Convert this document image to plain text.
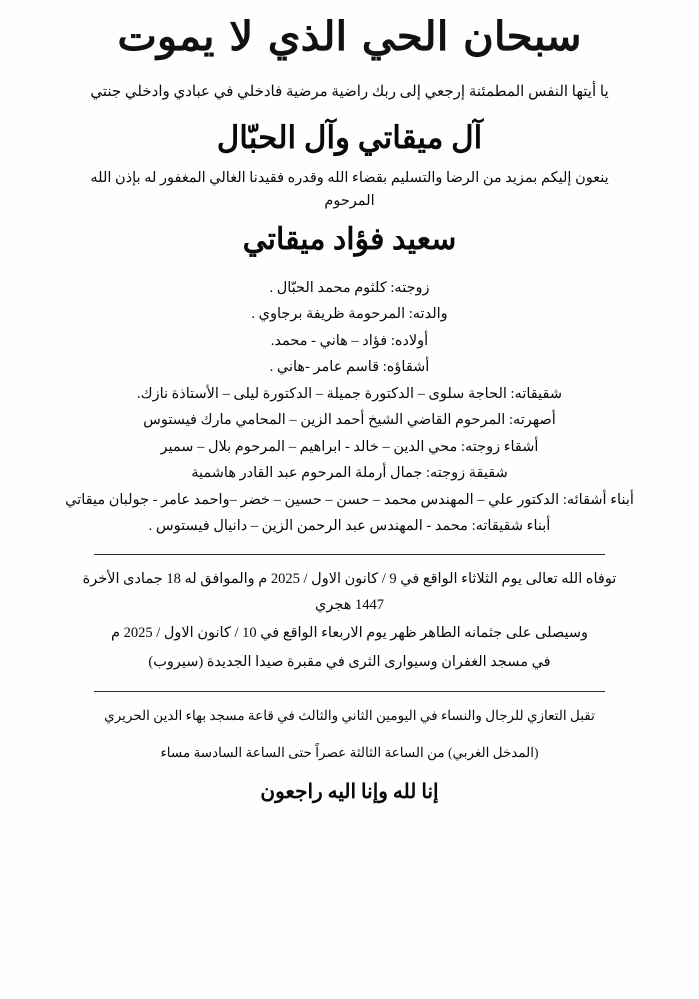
سبحان الحي الذي لا يموت
يا أيتها النفس المطمئنة إرجعي إلى ربك راضية مرضية فادخلي في عبادي وادخلي جنتي
آل ميقاتي وآل الحبّال
ينعون إليكم بمزيد من الرضا والتسليم بقضاء الله وقدره فقيدنا الغالي المغفور له بإذن الله
المرحوم
سعيد فؤاد ميقاتي
زوجته: كلثوم محمد الحبّال .
والدته: المرحومة ظريفة برجاوي .
أولاده: فؤاد – هاني - محمد.
أشقاؤه: قاسم عامر -هاني .
شقيقاته: الحاجة سلوى – الدكتورة جميلة – الدكتورة ليلى – الأستاذة نازك.
أصهرته: المرحوم القاضي الشيخ أحمد الزين – المحامي مارك فيستوس
أشقاء زوجته: محي الدين – خالد - ابراهيم – المرحوم بلال – سمير
شقيقة زوجته: جمال أرملة المرحوم عبد القادر هاشمية
أبناء أشقائه: الدكتور علي – المهندس محمد – حسن – حسين – خضر –واحمد عامر - جولبان ميقاتي
أبناء شقيقاته: محمد - المهندس عبد الرحمن الزين – دانيال فيستوس .

توفاه الله تعالى يوم الثلاثاء الواقع في 9 / كانون الاول / 2025 م والموافق له 18 جمادى الأخرة 1447 هجري

وسيصلى على جثمانه الطاهر ظهر يوم الاربعاء الواقع في 10 / كانون الاول / 2025 م

في مسجد الغفران وسيوارى الثرى في مقبرة صيدا الجديدة (سيروب)

تقبل التعازي للرجال والنساء في اليومين الثاني والثالث في قاعة مسجد بهاء الدين الحريري

(المدخل الغربي) من الساعة الثالثة عصراً حتى الساعة السادسة مساء

إنا لله وإنا اليه راجعون
